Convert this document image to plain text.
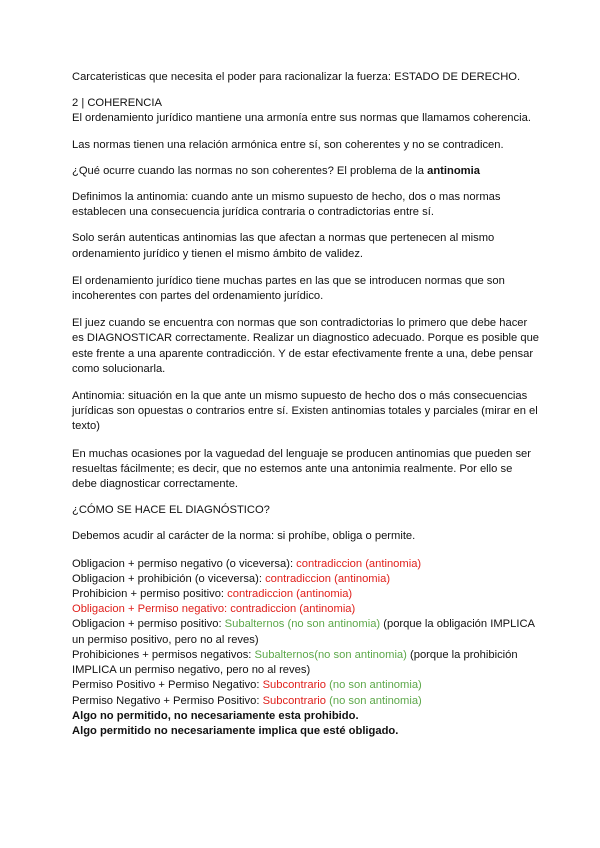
Carcateristicas que necesita el poder para racionalizar la fuerza: ESTADO DE DERECHO.

2 | COHERENCIA

El ordenamiento jurídico mantiene una armonía entre sus normas que llamamos coherencia.

Las normas tienen una relación armónica entre sí, son coherentes y no se contradicen.

¿Qué ocurre cuando las normas no son coherentes? El problema de la antinomia

Definimos la antinomia: cuando ante un mismo supuesto de hecho, dos o mas normas establecen una consecuencia jurídica contraria o contradictorias entre sí.

Solo serán autenticas antinomias las que afectan a normas que pertenecen al mismo ordenamiento jurídico y tienen el mismo ámbito de validez.

El ordenamiento jurídico tiene muchas partes en las que se introducen normas que son incoherentes con partes del ordenamiento jurídico.

El juez cuando se encuentra con normas que son contradictorias lo primero que debe hacer es DIAGNOSTICAR correctamente. Realizar un diagnostico adecuado. Porque es posible que este frente a una aparente contradicción. Y de estar efectivamente frente a una, debe pensar como solucionarla.

Antinomia: situación en la que ante un mismo supuesto de hecho dos o más consecuencias jurídicas son opuestas o contrarios entre sí. Existen antinomias totales y parciales (mirar en el texto)

En muchas ocasiones por la vaguedad del lenguaje se producen antinomias que pueden ser resueltas fácilmente; es decir, que no estemos ante una antonimia realmente. Por ello se debe diagnosticar correctamente.

¿CÓMO SE HACE EL DIAGNÓSTICO?

Debemos acudir al carácter de la norma: si prohíbe, obliga o permite.

Obligacion + permiso negativo (o viceversa): contradiccion (antinomia)
Obligacion + prohibición (o viceversa): contradiccion (antinomia)
Prohibicion + permiso positivo: contradiccion (antinomia)
Obligacion + Permiso negativo: contradiccion (antinomia)
Obligacion + permiso positivo: Subalternos (no son antinomia) (porque la obligación IMPLICA un permiso positivo, pero no al reves)
Prohibiciones + permisos negativos: Subalternos(no son antinomia) (porque la prohibición IMPLICA un permiso negativo, pero no al reves)
Permiso Positivo + Permiso Negativo: Subcontrario (no son antinomia)
Permiso Negativo + Permiso Positivo: Subcontrario (no son antinomia)
Algo no permitido, no necesariamente esta prohibido.
Algo permitido no necesariamente implica que esté obligado.
